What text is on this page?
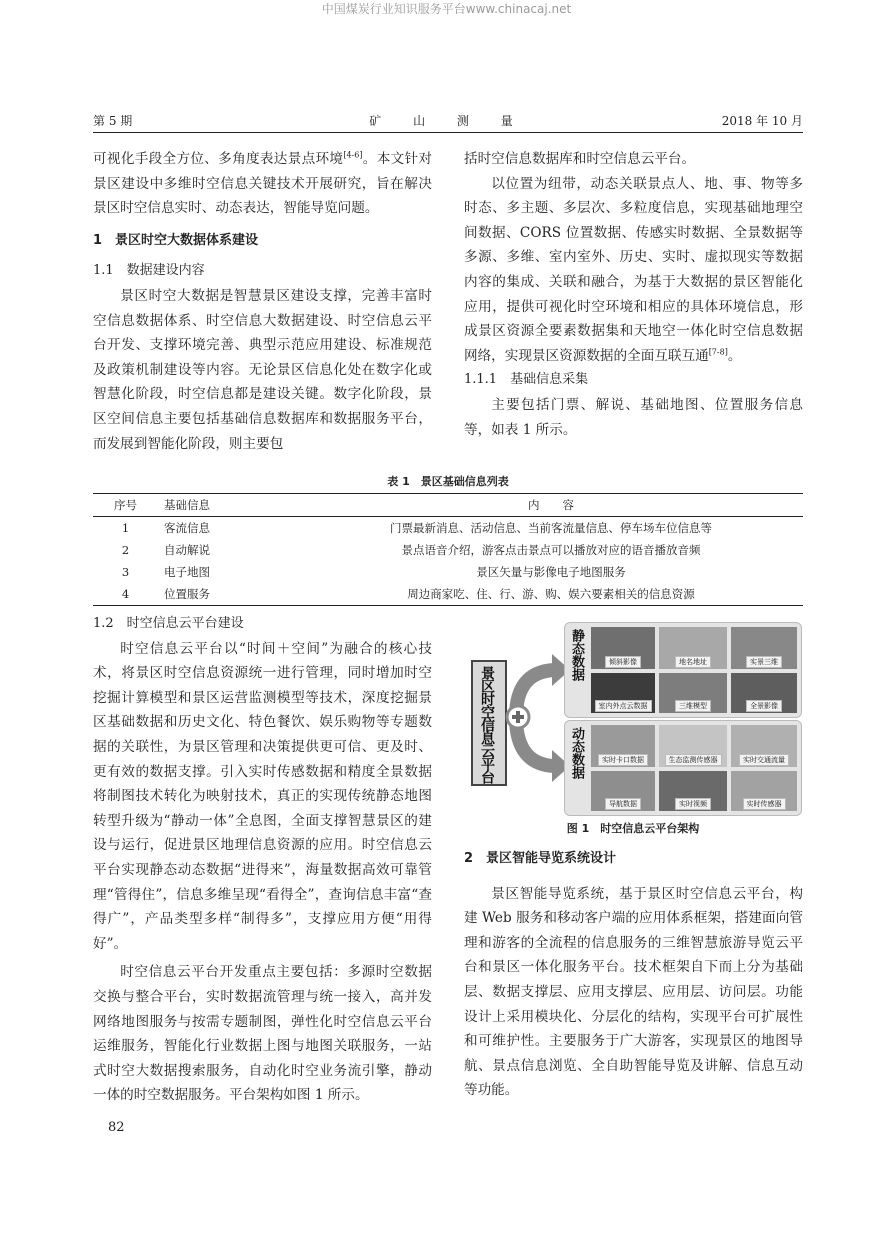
中国煤炭行业知识服务平台www.chinacaj.net
第 5 期	矿 山 测 量	2018 年 10 月

可视化手段全方位、多角度表达景点环境[4-6]。本文针对景区建设中多维时空信息关键技术开展研究，旨在解决景区时空信息实时、动态表达，智能导览问题。

1　景区时空大数据体系建设

1.1　数据建设内容

景区时空大数据是智慧景区建设支撑，完善丰富时空信息数据体系、时空信息大数据建设、时空信息云平台开发、支撑环境完善、典型示范应用建设、标准规范及政策机制建设等内容。无论景区信息化处在数字化或智慧化阶段，时空信息都是建设关键。数字化阶段，景区空间信息主要包括基础信息数据库和数据服务平台，而发展到智能化阶段，则主要包

括时空信息数据库和时空信息云平台。

以位置为纽带，动态关联景点人、地、事、物等多时态、多主题、多层次、多粒度信息，实现基础地理空间数据、CORS 位置数据、传感实时数据、全景数据等多源、多维、室内室外、历史、实时、虚拟现实等数据内容的集成、关联和融合，为基于大数据的景区智能化应用，提供可视化时空环境和相应的具体环境信息，形成景区资源全要素数据集和天地空一体化时空信息数据网络，实现景区资源数据的全面互联互通[7-8]。

1.1.1　基础信息采集

主要包括门票、解说、基础地图、位置服务信息等，如表 1 所示。

表 1　景区基础信息列表
序号	基础信息	内　　容
1	客流信息	门票最新消息、活动信息、当前客流量信息、停车场车位信息等
2	自动解说	景点语音介绍，游客点击景点可以播放对应的语音播放音频
3	电子地图	景区矢量与影像电子地图服务
4	位置服务	周边商家吃、住、行、游、购、娱六要素相关的信息资源

1.2　时空信息云平台建设

时空信息云平台以“时间＋空间”为融合的核心技术，将景区时空信息资源统一进行管理，同时增加时空挖掘计算模型和景区运营监测模型等技术，深度挖掘景区基础数据和历史文化、特色餐饮、娱乐购物等专题数据的关联性，为景区管理和决策提供更可信、更及时、更有效的数据支撑。引入实时传感数据和精度全景数据将制图技术转化为映射技术，真正的实现传统静态地图转型升级为“静动一体”全息图，全面支撑智慧景区的建设与运行，促进景区地理信息资源的应用。时空信息云平台实现静态动态数据“进得来”，海量数据高效可靠管理“管得住”，信息多维呈现“看得全”，查询信息丰富“查得广”，产品类型多样“制得多”，支撑应用方便“用得好”。

时空信息云平台开发重点主要包括：多源时空数据交换与整合平台，实时数据流管理与统一接入，高并发网络地图服务与按需专题制图，弹性化时空信息云平台运维服务，智能化行业数据上图与地图关联服务，一站式时空大数据搜索服务，自动化时空业务流引擎，静动一体的时空数据服务。平台架构如图 1 所示。

景区时空信息云平台
静态数据	倾斜影像	地名地址	实景三维
室内外点云数据	三维模型	全景影像
动态数据	实时卡口数据	生态监测传感器	实时交通流量
导航数据	实时视频	实时传感器
图 1　时空信息云平台架构

2　景区智能导览系统设计

景区智能导览系统，基于景区时空信息云平台，构建 Web 服务和移动客户端的应用体系框架，搭建面向管理和游客的全流程的信息服务的三维智慧旅游导览云平台和景区一体化服务平台。技术框架自下而上分为基础层、数据支撑层、应用支撑层、应用层、访问层。功能设计上采用模块化、分层化的结构，实现平台可扩展性和可维护性。主要服务于广大游客，实现景区的地图导航、景点信息浏览、全自助智能导览及讲解、信息互动等功能。

82
